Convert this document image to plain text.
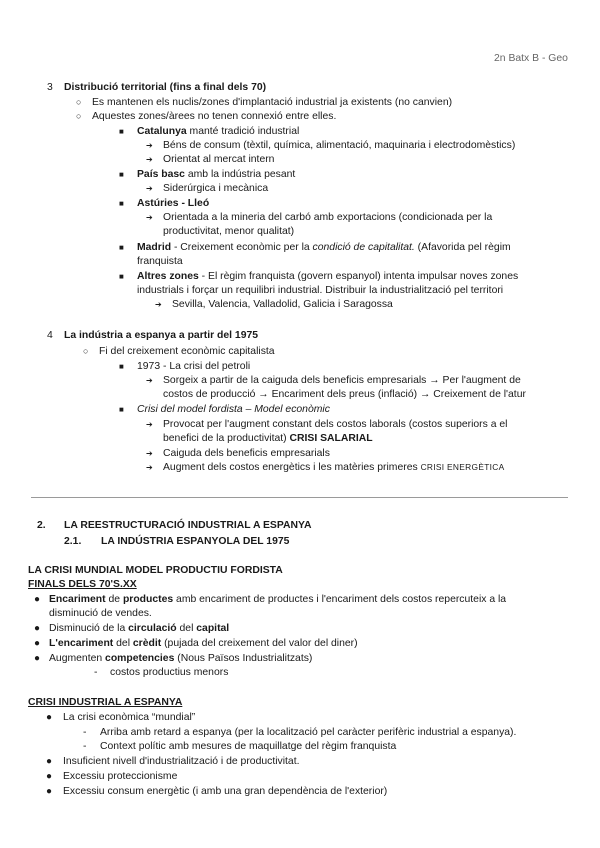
2n Batx B - Geo
3 Distribució territorial (fins a final dels 70)
○ Es mantenen els nuclis/zones d'implantació industrial ja existents (no canvien)
○ Aquestes zones/àrees no tenen connexió entre elles.
■ Catalunya manté tradició industrial
➔ Béns de consum (tèxtil, química, alimentació, maquinaria i electrodomèstics)
➔ Orientat al mercat intern
■ País basc amb la indústria pesant
➔ Siderúrgica i mecànica
■ Astúries - Lleó
➔ Orientada a la mineria del carbó amb exportacions (condicionada per la
productivitat, menor qualitat)
■ Madrid - Creixement econòmic per la condició de capitalitat. (Afavorida pel règim
franquista
■ Altres zones - El règim franquista (govern espanyol) intenta impulsar noves zones
industrials i forçar un requilibri industrial. Distribuir la industrialització pel territori
➔ Sevilla, Valencia, Valladolid, Galicia i Saragossa
4 La indústria a espanya a partir del 1975
○ Fi del creixement econòmic capitalista
■ 1973 - La crisi del petroli
➔ Sorgeix a partir de la caiguda dels beneficis empresarials → Per l'augment de
costos de producció → Encariment dels preus (inflació) → Creixement de l'atur
■ Crisi del model fordista – Model econòmic
➔ Provocat per l'augment constant dels costos laborals (costos superiors a el
benefici de la productivitat) CRISI SALARIAL
➔ Caiguda dels beneficis empresarials
➔ Augment dels costos energètics i les matèries primeres CRISI ENERGÈTICA
2. LA REESTRUCTURACIÓ INDUSTRIAL A ESPANYA
2.1. LA INDÚSTRIA ESPANYOLA DEL 1975
LA CRISI MUNDIAL MODEL PRODUCTIU FORDISTA
FINALS DELS 70'S.XX
● Encariment de productes amb encariment de productes i l'encariment dels costos repercuteix a la
disminució de vendes.
● Disminució de la circulació del capital
● L'encariment del crèdit (pujada del creixement del valor del diner)
● Augmenten competencies (Nous Països Industrialitzats)
- costos productius menors
CRISI INDUSTRIAL A ESPANYA
● La crisi econòmica “mundial”
- Arriba amb retard a espanya (per la localització pel caràcter perifèric industrial a espanya).
- Context polític amb mesures de maquillatge del règim franquista
● Insuficient nivell d'industrialització i de productivitat.
● Excessiu proteccionisme
● Excessiu consum energètic (i amb una gran dependència de l'exterior)
